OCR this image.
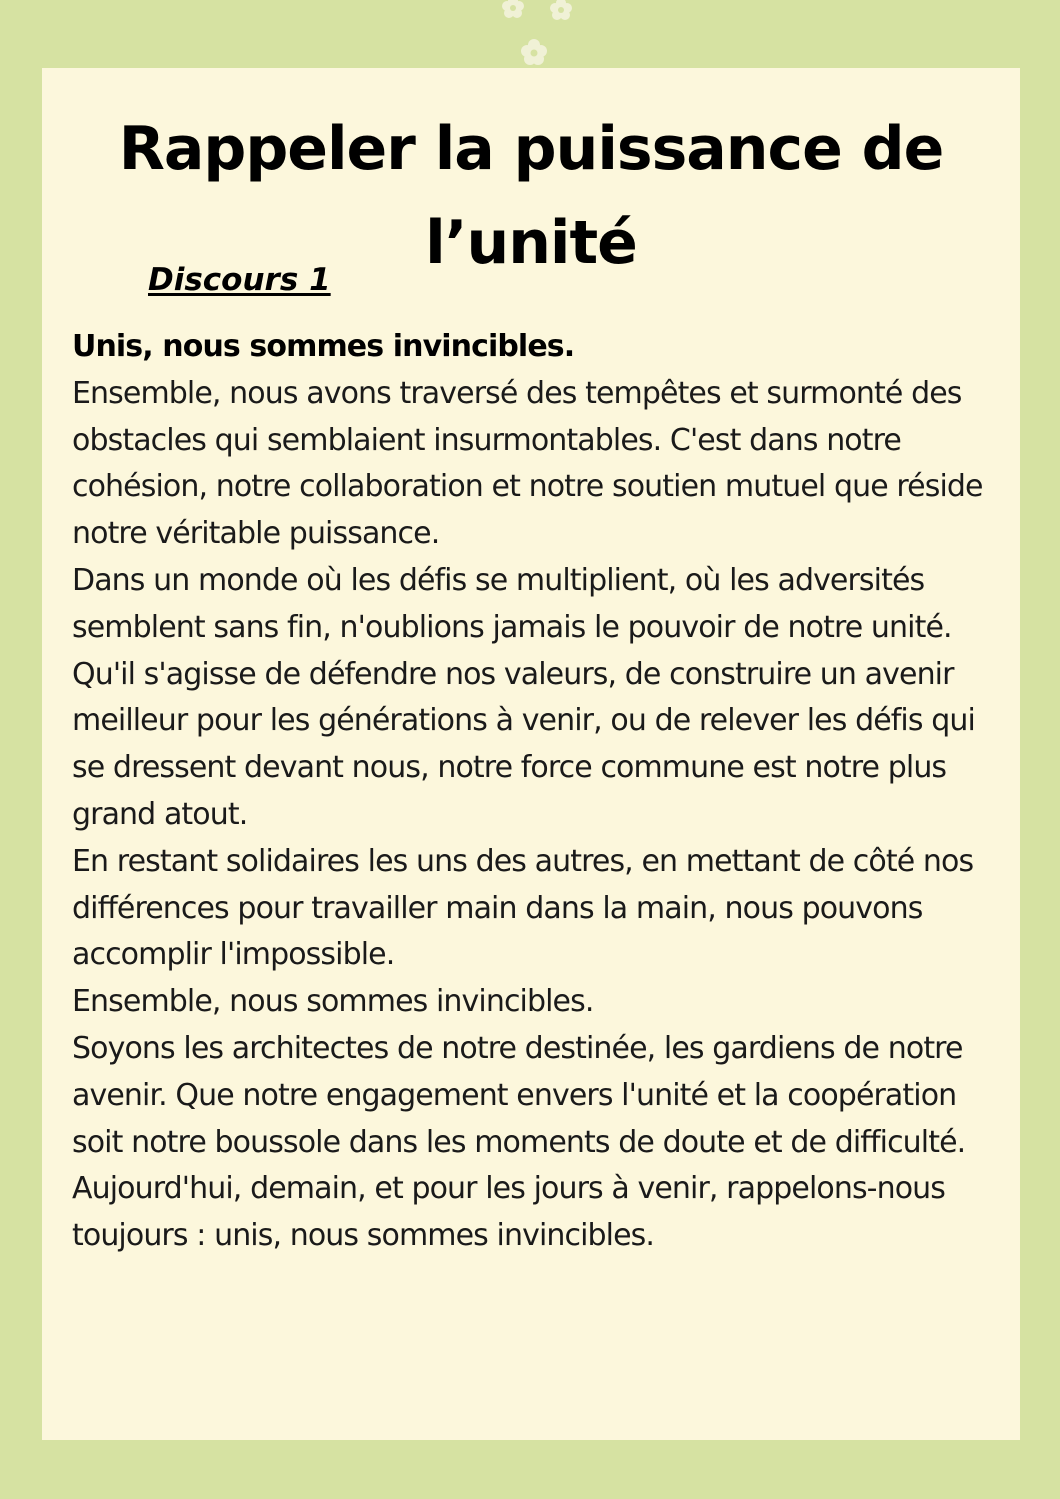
Rappeler la puissance de
l’unité
Discours 1

Unis, nous sommes invincibles.

Ensemble, nous avons traversé des tempêtes et surmonté des obstacles qui semblaient insurmontables. C'est dans notre cohésion, notre collaboration et notre soutien mutuel que réside notre véritable puissance.

Dans un monde où les défis se multiplient, où les adversités semblent sans fin, n'oublions jamais le pouvoir de notre unité. Qu'il s'agisse de défendre nos valeurs, de construire un avenir meilleur pour les générations à venir, ou de relever les défis qui se dressent devant nous, notre force commune est notre plus grand atout.

En restant solidaires les uns des autres, en mettant de côté nos différences pour travailler main dans la main, nous pouvons accomplir l'impossible.

Ensemble, nous sommes invincibles.

Soyons les architectes de notre destinée, les gardiens de notre avenir. Que notre engagement envers l'unité et la coopération soit notre boussole dans les moments de doute et de difficulté.

Aujourd'hui, demain, et pour les jours à venir, rappelons-nous toujours : unis, nous sommes invincibles.
